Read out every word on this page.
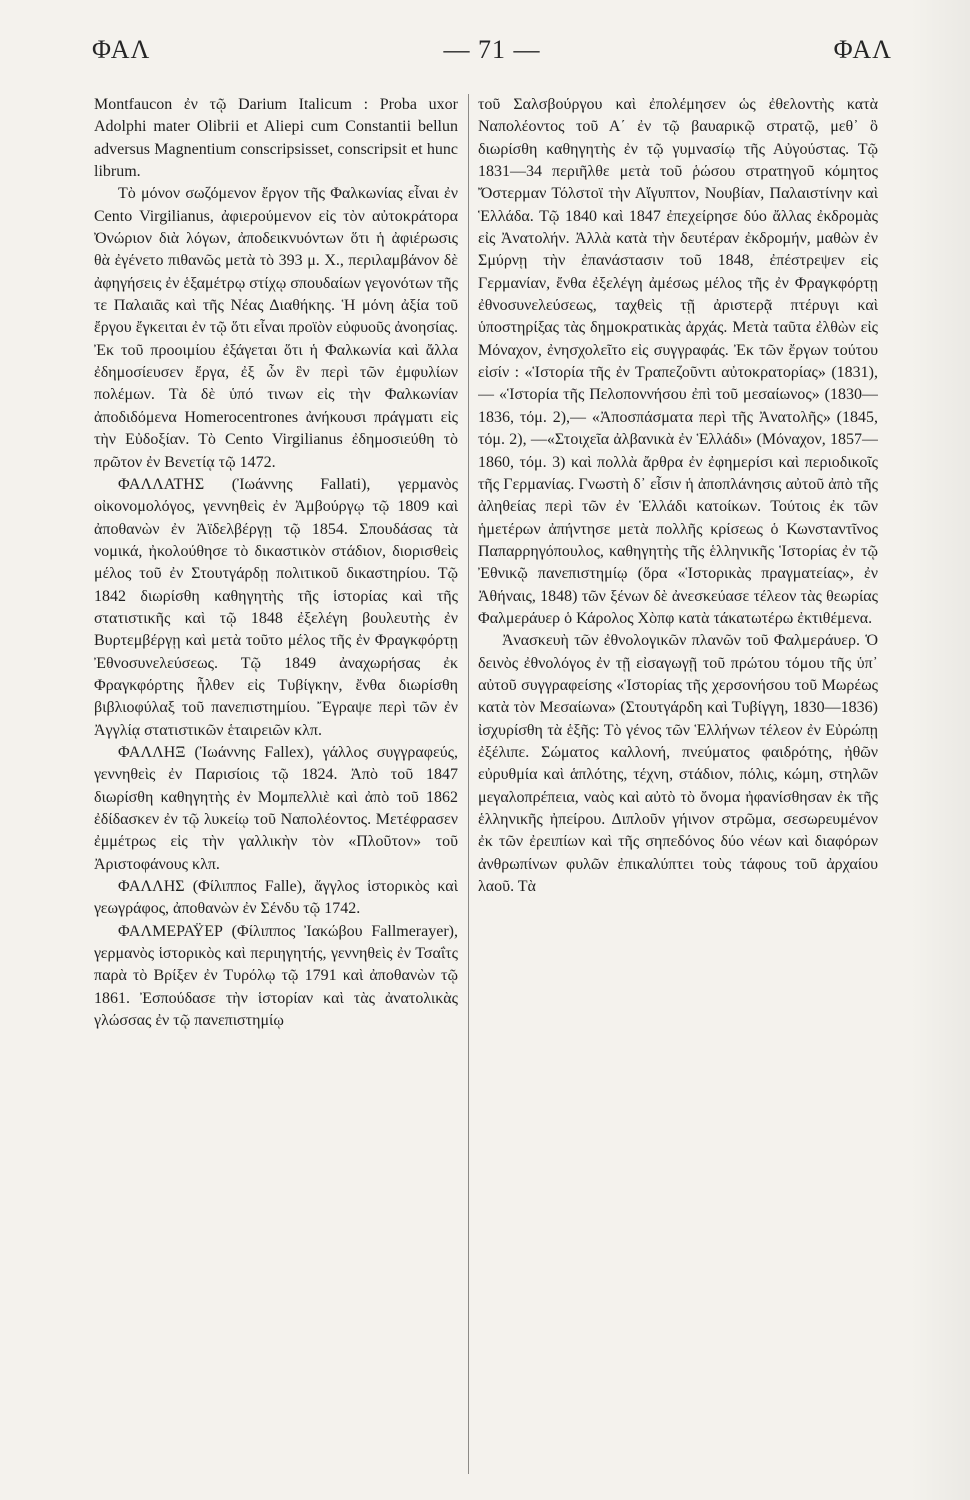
ΦΑΛ	— 71 —	ΦΑΛ

Montfaucon ἐν τῷ Darium Italicum : Proba uxor Adolphi mater Olibrii et Aliepi cum Constantii bellun adversus Magnentium conscripsisset, conscripsit et hunc librum.

Τὸ μόνον σωζόμενον ἔργον τῆς Φαλκωνίας εἶναι ἐν Cento Virgilianus, ἀφιερούμενον εἰς τὸν αὐτοκράτορα Ὀνώριον διὰ λόγων, ἀποδεικνυόντων ὅτι ἡ ἀφιέρωσις θὰ ἐγένετο πιθανῶς μετὰ τὸ 393 μ. Χ., περιλαμβάνον δὲ ἀφηγήσεις ἐν ἑξαμέτρῳ στίχῳ σπουδαίων γεγονότων τῆς τε Παλαιᾶς καὶ τῆς Νέας Διαθήκης. Ἡ μόνη ἀξία τοῦ ἔργου ἔγκειται ἐν τῷ ὅτι εἶναι προϊὸν εὐφυοῦς ἀνοησίας. Ἐκ τοῦ προοιμίου ἐξάγεται ὅτι ἡ Φαλκωνία καὶ ἄλλα ἐδημοσίευσεν ἔργα, ἐξ ὧν ἓν περὶ τῶν ἐμφυλίων πολέμων. Τὰ δὲ ὑπό τινων εἰς τὴν Φαλκωνίαν ἀποδιδόμενα Homerocentrones ἀνήκουσι πράγματι εἰς τὴν Εὐδοξίαν. Τὸ Cento Virgilianus ἐδημοσιεύθη τὸ πρῶτον ἐν Βενετίᾳ τῷ 1472.

ΦΑΛΛΑΤΗΣ (Ἰωάννης Fallati), γερμανὸς οἰκονομολόγος, γεννηθεὶς ἐν Ἀμβούργῳ τῷ 1809 καὶ ἀποθανὼν ἐν Ἀϊδελβέργῃ τῷ 1854. Σπουδάσας τὰ νομικά, ἠκολούθησε τὸ δικαστικὸν στάδιον, διορισθεὶς μέλος τοῦ ἐν Στουτγάρδῃ πολιτικοῦ δικαστηρίου. Τῷ 1842 διωρίσθη καθηγητὴς τῆς ἱστορίας καὶ τῆς στατιστικῆς καὶ τῷ 1848 ἐξελέγη βουλευτὴς ἐν Βυρτεμβέργῃ καὶ μετὰ τοῦτο μέλος τῆς ἐν Φραγκφόρτῃ Ἐθνοσυνελεύσεως. Τῷ 1849 ἀναχωρήσας ἐκ Φραγκφόρτης ἦλθεν εἰς Τυβίγκην, ἔνθα διωρίσθη βιβλιοφύλαξ τοῦ πανεπιστημίου. Ἔγραψε περὶ τῶν ἐν Ἀγγλίᾳ στατιστικῶν ἑταιρειῶν κλπ.

ΦΑΛΛΗΞ (Ἰωάννης Fallex), γάλλος συγγραφεύς, γεννηθεὶς ἐν Παρισίοις τῷ 1824. Ἀπὸ τοῦ 1847 διωρίσθη καθηγητὴς ἐν Μομπελλιὲ καὶ ἀπὸ τοῦ 1862 ἐδίδασκεν ἐν τῷ λυκείῳ τοῦ Ναπολέοντος. Μετέφρασεν ἐμμέτρως εἰς τὴν γαλλικὴν τὸν «Πλοῦτον» τοῦ Ἀριστοφάνους κλπ.

ΦΑΛΛΗΣ (Φίλιππος Falle), ἄγγλος ἱστορικὸς καὶ γεωγράφος, ἀποθανὼν ἐν Σένδυ τῷ 1742.

ΦΑΛΜΕΡΑΫΕΡ (Φίλιππος Ἰακώβου Fallmerayer), γερμανὸς ἱστορικὸς καὶ περιηγητής, γεννηθεὶς ἐν Τσαΐτς παρὰ τὸ Βρίξεν ἐν Τυρόλῳ τῷ 1791 καὶ ἀποθανὼν τῷ 1861. Ἐσπούδασε τὴν ἱστορίαν καὶ τὰς ἀνατολικὰς γλώσσας ἐν τῷ πανεπιστημίῳ

τοῦ Σαλσβούργου καὶ ἐπολέμησεν ὡς ἐθελοντὴς κατὰ Ναπολέοντος τοῦ Α΄ ἐν τῷ βαυαρικῷ στρατῷ, μεθ᾽ ὃ διωρίσθη καθηγητὴς ἐν τῷ γυμνασίῳ τῆς Αὐγούστας. Τῷ 1831—34 περιῆλθε μετὰ τοῦ ῥώσου στρατηγοῦ κόμητος Ὄστερμαν Τόλστοϊ τὴν Αἴγυπτον, Νουβίαν, Παλαιστίνην καὶ Ἑλλάδα. Τῷ 1840 καὶ 1847 ἐπεχείρησε δύο ἄλλας ἐκδρομὰς εἰς Ἀνατολήν. Ἀλλὰ κατὰ τὴν δευτέραν ἐκδρομήν, μαθὼν ἐν Σμύρνῃ τὴν ἐπανάστασιν τοῦ 1848, ἐπέστρεψεν εἰς Γερμανίαν, ἔνθα ἐξελέγη ἀμέσως μέλος τῆς ἐν Φραγκφόρτῃ ἐθνοσυνελεύσεως, ταχθεὶς τῇ ἀριστερᾷ πτέρυγι καὶ ὑποστηρίξας τὰς δημοκρατικὰς ἀρχάς. Μετὰ ταῦτα ἐλθὼν εἰς Μόναχον, ἐνησχολεῖτο εἰς συγγραφάς. Ἐκ τῶν ἔργων τούτου εἰσίν : «Ἱστορία τῆς ἐν Τραπεζοῦντι αὐτοκρατορίας» (1831), — «Ἱστορία τῆς Πελοποννήσου ἐπὶ τοῦ μεσαίωνος» (1830—1836, τόμ. 2),— «Ἀποσπάσματα περὶ τῆς Ἀνατολῆς» (1845, τόμ. 2), —«Στοιχεῖα ἀλβανικὰ ἐν Ἑλλάδι» (Μόναχον, 1857—1860, τόμ. 3) καὶ πολλὰ ἄρθρα ἐν ἐφημερίσι καὶ περιοδικοῖς τῆς Γερμανίας. Γνωστὴ δ᾽ εἶσιν ἡ ἀποπλάνησις αὐτοῦ ἀπὸ τῆς ἀληθείας περὶ τῶν ἐν Ἑλλάδι κατοίκων. Τούτοις ἐκ τῶν ἡμετέρων ἀπήντησε μετὰ πολλῆς κρίσεως ὁ Κωνσταντῖνος Παπαρρηγόπουλος, καθηγητὴς τῆς ἑλληνικῆς Ἱστορίας ἐν τῷ Ἐθνικῷ πανεπιστημίῳ (ὅρα «Ἱστορικὰς πραγματείας», ἐν Ἀθήναις, 1848) τῶν ξένων δὲ ἀνεσκεύασε τέλεον τὰς θεωρίας Φαλμεράυερ ὁ Κάρολος Χὸπφ κατὰ τάκατωτέρω ἐκτιθέμενα.

Ἀνασκευὴ τῶν ἐθνολογικῶν πλανῶν τοῦ Φαλμεράυερ. Ὁ δεινὸς ἐθνολόγος ἐν τῇ εἰσαγωγῇ τοῦ πρώτου τόμου τῆς ὑπ᾽ αὐτοῦ συγγραφείσης «Ἱστορίας τῆς χερσονήσου τοῦ Μωρέως κατὰ τὸν Μεσαίωνα» (Στουτγάρδη καὶ Τυβίγγη, 1830—1836) ἰσχυρίσθη τὰ ἑξῆς: Τὸ γένος τῶν Ἑλλήνων τέλεον ἐν Εὐρώπῃ ἐξέλιπε. Σώματος καλλονή, πνεύματος φαιδρότης, ἠθῶν εὐρυθμία καὶ ἁπλότης, τέχνη, στάδιον, πόλις, κώμη, στηλῶν μεγαλοπρέπεια, ναὸς καὶ αὐτὸ τὸ ὄνομα ἠφανίσθησαν ἐκ τῆς ἑλληνικῆς ἠπείρου. Διπλοῦν γήινον στρῶμα, σεσωρευμένον ἐκ τῶν ἐρειπίων καὶ τῆς σηπεδόνος δύο νέων καὶ διαφόρων ἀνθρωπίνων φυλῶν ἐπικαλύπτει τοὺς τάφους τοῦ ἀρχαίου λαοῦ. Τὰ
